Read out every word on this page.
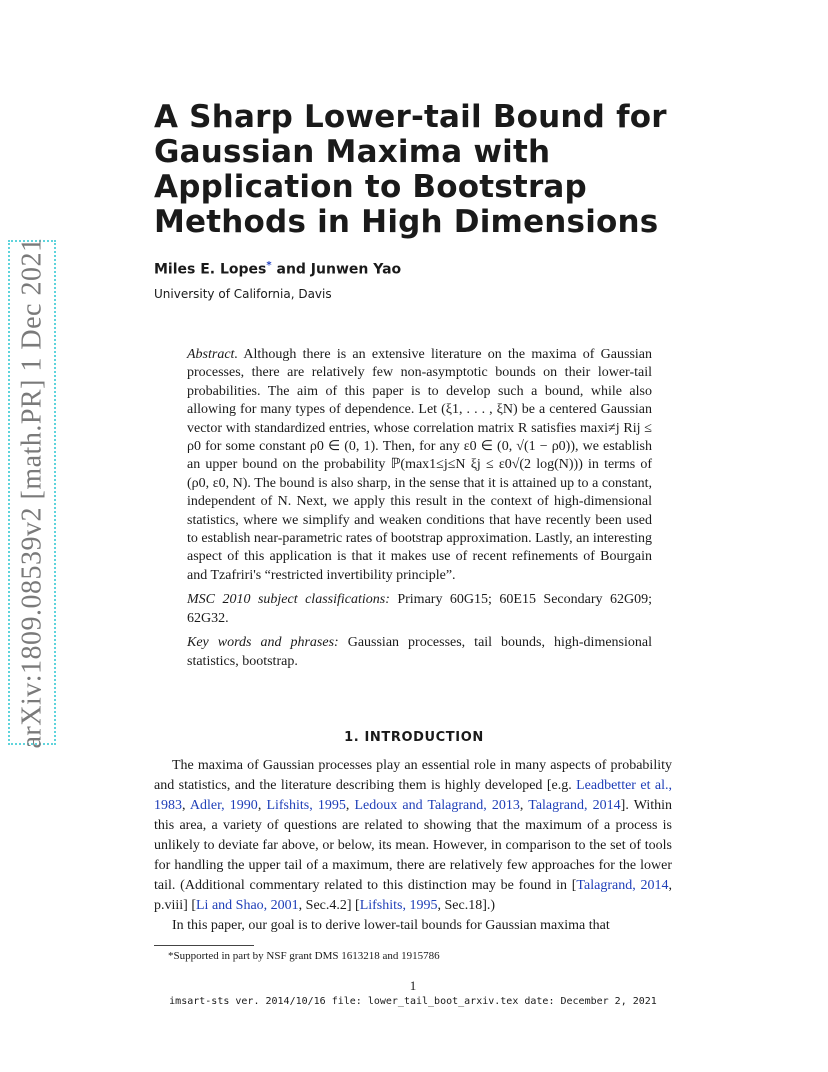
arXiv:1809.08539v2 [math.PR] 1 Dec 2021
A Sharp Lower-tail Bound for Gaussian Maxima with Application to Bootstrap Methods in High Dimensions
Miles E. Lopes* and Junwen Yao
University of California, Davis

Abstract. Although there is an extensive literature on the maxima of Gaussian processes, there are relatively few non-asymptotic bounds on their lower-tail probabilities. The aim of this paper is to develop such a bound, while also allowing for many types of dependence. Let (ξ1, . . . , ξN) be a centered Gaussian vector with standardized entries, whose correlation matrix R satisfies maxi≠j Rij ≤ ρ0 for some constant ρ0 ∈ (0, 1). Then, for any ε0 ∈ (0, √(1 − ρ0)), we establish an upper bound on the probability ℙ(max1≤j≤N ξj ≤ ε0√(2 log(N))) in terms of (ρ0, ε0, N). The bound is also sharp, in the sense that it is attained up to a constant, independent of N. Next, we apply this result in the context of high-dimensional statistics, where we simplify and weaken conditions that have recently been used to establish near-parametric rates of bootstrap approximation. Lastly, an interesting aspect of this application is that it makes use of recent refinements of Bourgain and Tzafriri's “restricted invertibility principle”.

MSC 2010 subject classifications: Primary 60G15; 60E15 Secondary 62G09; 62G32.

Key words and phrases: Gaussian processes, tail bounds, high-dimensional statistics, bootstrap.

1. INTRODUCTION

The maxima of Gaussian processes play an essential role in many aspects of probability and statistics, and the literature describing them is highly developed [e.g. Leadbetter et al., 1983, Adler, 1990, Lifshits, 1995, Ledoux and Talagrand, 2013, Talagrand, 2014]. Within this area, a variety of questions are related to showing that the maximum of a process is unlikely to deviate far above, or below, its mean. However, in comparison to the set of tools for handling the upper tail of a maximum, there are relatively few approaches for the lower tail. (Additional commentary related to this distinction may be found in [Talagrand, 2014, p.viii] [Li and Shao, 2001, Sec.4.2] [Lifshits, 1995, Sec.18].)

In this paper, our goal is to derive lower-tail bounds for Gaussian maxima that

*Supported in part by NSF grant DMS 1613218 and 1915786
1
imsart-sts ver. 2014/10/16 file: lower_tail_boot_arxiv.tex date: December 2, 2021
